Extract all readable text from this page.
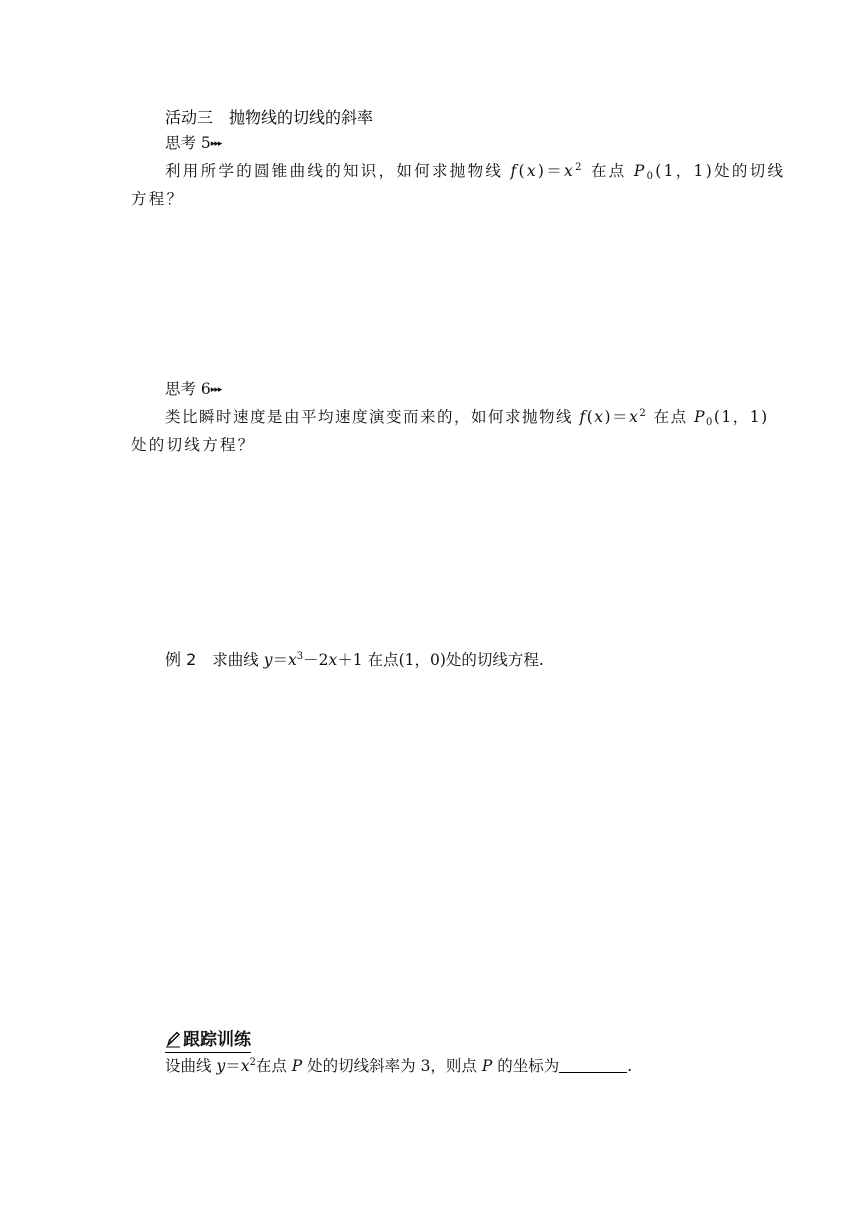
活动三　抛物线的切线的斜率
思考 5▸▸▸
利用所学的圆锥曲线的知识，如何求抛物线 $f(x)=x^2$ 在点 $P_0(1$，1)处的切线
方程？
思考 6▸▸▸
类比瞬时速度是由平均速度演变而来的，如何求抛物线 $f(x)=x^2$ 在点 $P_0(1$，1)
处的切线方程？
例 2 求曲线 $y=x^3-2x+1$ 在点(1，0)处的切线方程.
跟踪训练
设曲线 $y=x^2$在点 P 处的切线斜率为 3，则点 P 的坐标为	.
